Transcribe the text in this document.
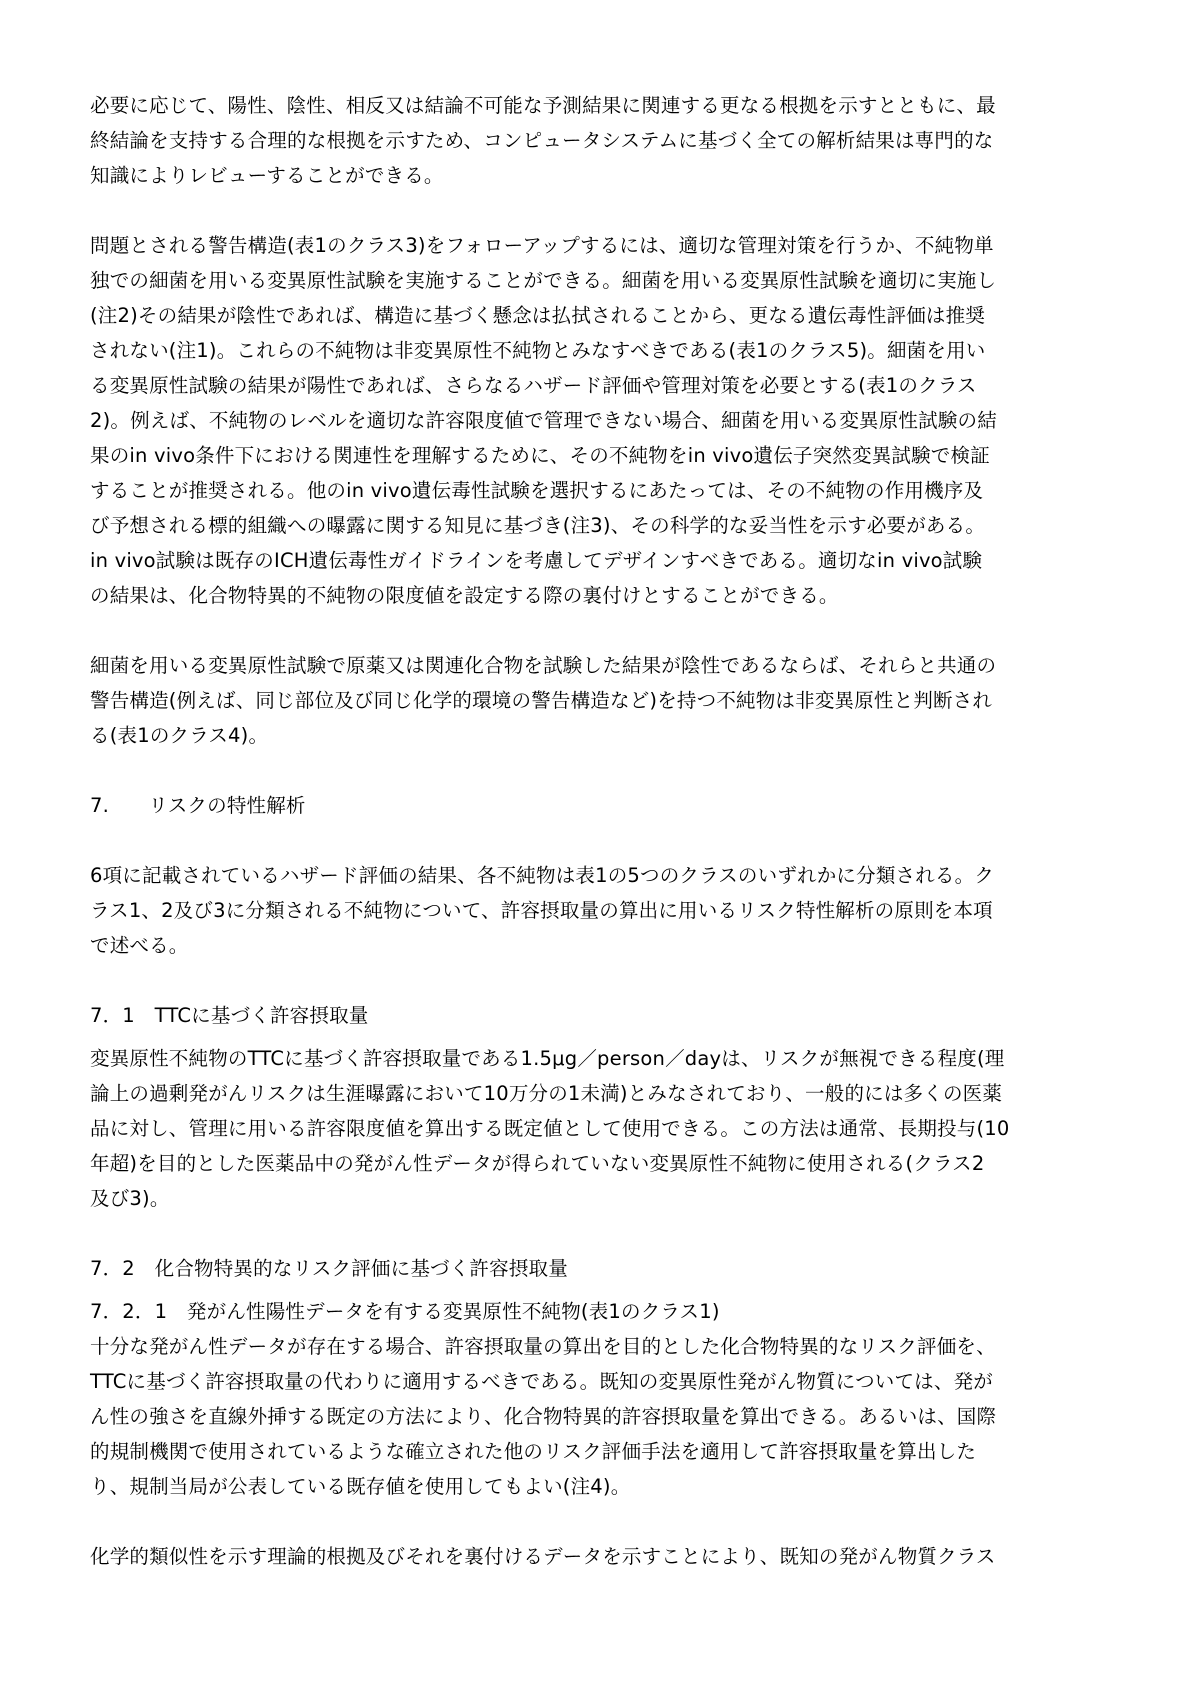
必要に応じて、陽性、陰性、相反又は結論不可能な予測結果に関連する更なる根拠を示すとともに、最
終結論を支持する合理的な根拠を示すため、コンピュータシステムに基づく全ての解析結果は専門的な
知識によりレビューすることができる。
問題とされる警告構造(表1のクラス3)をフォローアップするには、適切な管理対策を行うか、不純物単
独での細菌を用いる変異原性試験を実施することができる。細菌を用いる変異原性試験を適切に実施し
(注2)その結果が陰性であれば、構造に基づく懸念は払拭されることから、更なる遺伝毒性評価は推奨
されない(注1)。これらの不純物は非変異原性不純物とみなすべきである(表1のクラス5)。細菌を用い
る変異原性試験の結果が陽性であれば、さらなるハザード評価や管理対策を必要とする(表1のクラス
2)。例えば、不純物のレベルを適切な許容限度値で管理できない場合、細菌を用いる変異原性試験の結
果のin vivo条件下における関連性を理解するために、その不純物をin vivo遺伝子突然変異試験で検証
することが推奨される。他のin vivo遺伝毒性試験を選択するにあたっては、その不純物の作用機序及
び予想される標的組織への曝露に関する知見に基づき(注3)、その科学的な妥当性を示す必要がある。
in vivo試験は既存のICH遺伝毒性ガイドラインを考慮してデザインすべきである。適切なin vivo試験
の結果は、化合物特異的不純物の限度値を設定する際の裏付けとすることができる。
細菌を用いる変異原性試験で原薬又は関連化合物を試験した結果が陰性であるならば、それらと共通の
警告構造(例えば、同じ部位及び同じ化学的環境の警告構造など)を持つ不純物は非変異原性と判断され
る(表1のクラス4)。
7.　　リスクの特性解析
6項に記載されているハザード評価の結果、各不純物は表1の5つのクラスのいずれかに分類される。ク
ラス1、2及び3に分類される不純物について、許容摂取量の算出に用いるリスク特性解析の原則を本項
で述べる。
7．1　TTCに基づく許容摂取量
変異原性不純物のTTCに基づく許容摂取量である1.5μg／person／dayは、リスクが無視できる程度(理
論上の過剰発がんリスクは生涯曝露において10万分の1未満)とみなされており、一般的には多くの医薬
品に対し、管理に用いる許容限度値を算出する既定値として使用できる。この方法は通常、長期投与(10
年超)を目的とした医薬品中の発がん性データが得られていない変異原性不純物に使用される(クラス2
及び3)。
7．2　化合物特異的なリスク評価に基づく許容摂取量
7．2．1　発がん性陽性データを有する変異原性不純物(表1のクラス1)
十分な発がん性データが存在する場合、許容摂取量の算出を目的とした化合物特異的なリスク評価を、
TTCに基づく許容摂取量の代わりに適用するべきである。既知の変異原性発がん物質については、発が
ん性の強さを直線外挿する既定の方法により、化合物特異的許容摂取量を算出できる。あるいは、国際
的規制機関で使用されているような確立された他のリスク評価手法を適用して許容摂取量を算出した
り、規制当局が公表している既存値を使用してもよい(注4)。
化学的類似性を示す理論的根拠及びそれを裏付けるデータを示すことにより、既知の発がん物質クラス
